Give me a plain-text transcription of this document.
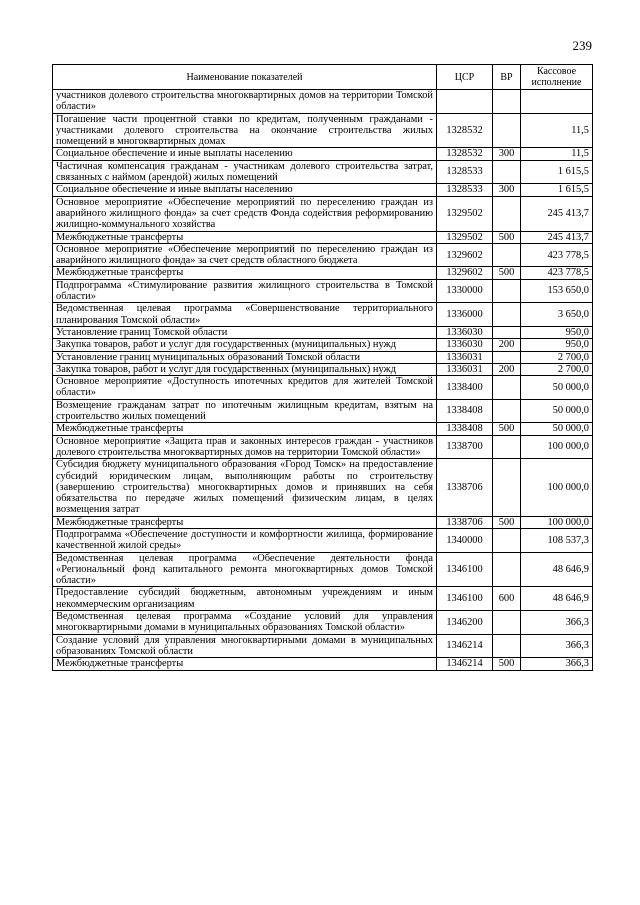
239
Наименование показателей	ЦСР	ВР	Кассовое исполнение
участников долевого строительства многоквартирных домов на территории Томской области»			
Погашение части процентной ставки по кредитам, полученным гражданами - участниками долевого строительства на окончание строительства жилых помещений в многоквартирных домах	1328532		11,5
Социальное обеспечение и иные выплаты населению	1328532	300	11,5
Частичная компенсация гражданам - участникам долевого строительства затрат, связанных с наймом (арендой) жилых помещений	1328533		1 615,5
Социальное обеспечение и иные выплаты населению	1328533	300	1 615,5
Основное мероприятие «Обеспечение мероприятий по переселению граждан из аварийного жилищного фонда» за счет средств Фонда содействия реформированию жилищно-коммунального хозяйства	1329502		245 413,7
Межбюджетные трансферты	1329502	500	245 413,7
Основное мероприятие «Обеспечение мероприятий по переселению граждан из аварийного жилищного фонда» за счет средств областного бюджета	1329602		423 778,5
Межбюджетные трансферты	1329602	500	423 778,5
Подпрограмма «Стимулирование развития жилищного строительства в Томской области»	1330000		153 650,0
Ведомственная целевая программа «Совершенствование территориального планирования Томской области»	1336000		3 650,0
Установление границ Томской области	1336030		950,0
Закупка товаров, работ и услуг для государственных (муниципальных) нужд	1336030	200	950,0
Установление границ муниципальных образований Томской области	1336031		2 700,0
Закупка товаров, работ и услуг для государственных (муниципальных) нужд	1336031	200	2 700,0
Основное мероприятие «Доступность ипотечных кредитов для жителей Томской области»	1338400		50 000,0
Возмещение гражданам затрат по ипотечным жилищным кредитам, взятым на строительство жилых помещений	1338408		50 000,0
Межбюджетные трансферты	1338408	500	50 000,0
Основное мероприятие «Защита прав и законных интересов граждан - участников долевого строительства многоквартирных домов на территории Томской области»	1338700		100 000,0
Субсидия бюджету муниципального образования «Город Томск» на предоставление субсидий юридическим лицам, выполняющим работы по строительству (завершению строительства) многоквартирных домов и принявших на себя обязательства по передаче жилых помещений физическим лицам, в целях возмещения затрат	1338706		100 000,0
Межбюджетные трансферты	1338706	500	100 000,0
Подпрограмма «Обеспечение доступности и комфортности жилища, формирование качественной жилой среды»	1340000		108 537,3
Ведомственная целевая программа «Обеспечение деятельности фонда «Региональный фонд капитального ремонта многоквартирных домов Томской области»	1346100		48 646,9
Предоставление субсидий бюджетным, автономным учреждениям и иным некоммерческим организациям	1346100	600	48 646,9
Ведомственная целевая программа «Создание условий для управления многоквартирными домами в муниципальных образованиях Томской области»	1346200		366,3
Создание условий для управления многоквартирными домами в муниципальных образованиях Томской области	1346214		366,3
Межбюджетные трансферты	1346214	500	366,3
